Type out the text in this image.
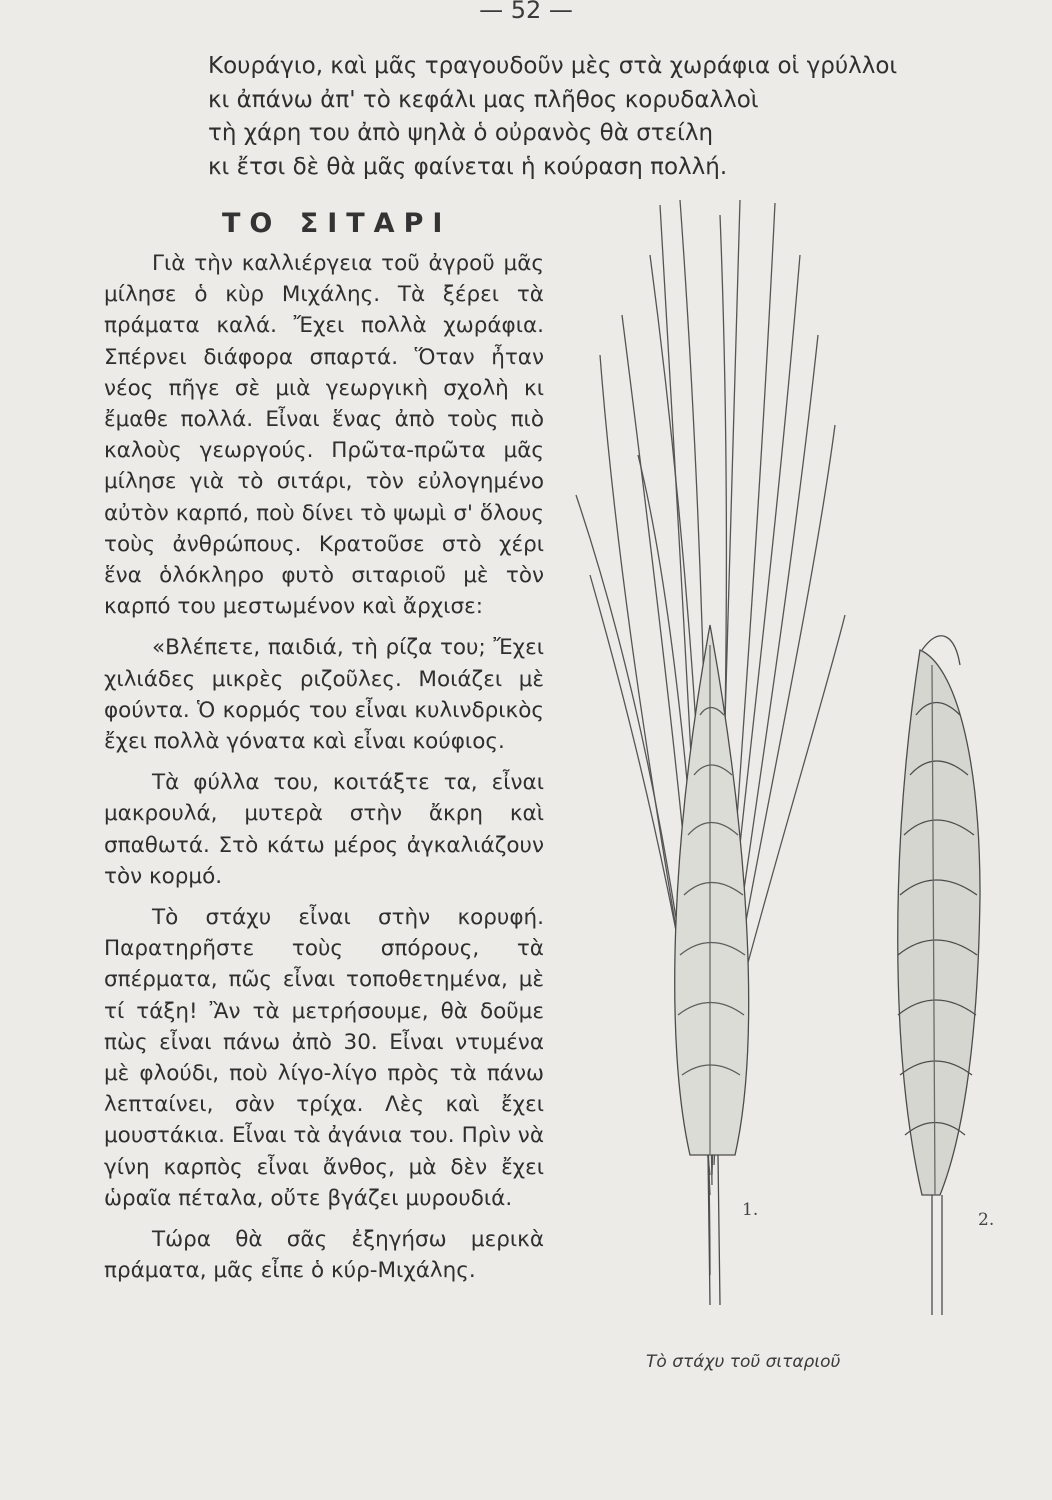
— 52 —
Κουράγιο, καὶ μᾶς τραγουδοῦν μὲς στὰ χωράφια οἱ γρύλλοι
κι ἀπάνω ἀπ' τὸ κεφάλι μας πλῆθος κορυδαλλοὶ
τὴ χάρη του ἀπὸ ψηλὰ ὁ οὐρανὸς θὰ στείλη
κι ἔτσι δὲ θὰ μᾶς φαίνεται ἡ κούραση πολλή.
ΤΟ ΣΙΤΑΡΙ

Γιὰ τὴν καλλιέργεια τοῦ ἀγροῦ μᾶς μίλησε ὁ κὺρ Μιχάλης. Τὰ ξέρει τὰ πράματα καλά. Ἔχει πολλὰ χωράφια. Σπέρνει διάφορα σπαρτά. Ὅταν ἦταν νέος πῆγε σὲ μιὰ γεωργικὴ σχολὴ κι ἔμαθε πολλά. Εἶναι ἕνας ἀπὸ τοὺς πιὸ καλοὺς γεωργούς. Πρῶτα-πρῶτα μᾶς μίλησε γιὰ τὸ σιτάρι, τὸν εὐλογημένο αὐτὸν καρπό, ποὺ δίνει τὸ ψωμὶ σ' ὅλους τοὺς ἀνθρώπους. Κρατοῦσε στὸ χέρι ἕνα ὁλόκληρο φυτὸ σιταριοῦ μὲ τὸν καρπό του μεστωμένον καὶ ἄρχισε:

«Βλέπετε, παιδιά, τὴ ρίζα του; Ἔχει χιλιάδες μικρὲς ριζοῦλες. Μοιάζει μὲ φούντα. Ὁ κορμός του εἶναι κυλινδρικὸς ἔχει πολλὰ γόνατα καὶ εἶναι κούφιος.

Τὰ φύλλα του, κοιτάξτε τα, εἶναι μακρουλά, μυτερὰ στὴν ἄκρη καὶ σπαθωτά. Στὸ κάτω μέρος ἀγκαλιάζουν τὸν κορμό.

Τὸ στάχυ εἶναι στὴν κορυφή. Παρατηρῆστε τοὺς σπόρους, τὰ σπέρματα, πῶς εἶναι τοποθετημένα, μὲ τί τάξη! Ἂν τὰ μετρήσουμε, θὰ δοῦμε πὼς εἶναι πάνω ἀπὸ 30. Εἶναι ντυμένα μὲ φλούδι, ποὺ λίγο-λίγο πρὸς τὰ πάνω λεπταίνει, σὰν τρίχα. Λὲς καὶ ἔχει μουστάκια. Εἶναι τὰ ἀγάνια του. Πρὶν νὰ γίνη καρπὸς εἶναι ἄνθος, μὰ δὲν ἔχει ὡραῖα πέταλα, οὔτε βγάζει μυρουδιά.

Τώρα θὰ σᾶς ἐξηγήσω μερικὰ πράματα, μᾶς εἶπε ὁ κύρ-Μιχάλης.

1.	2.
Τὸ στάχυ τοῦ σιταριοῦ
